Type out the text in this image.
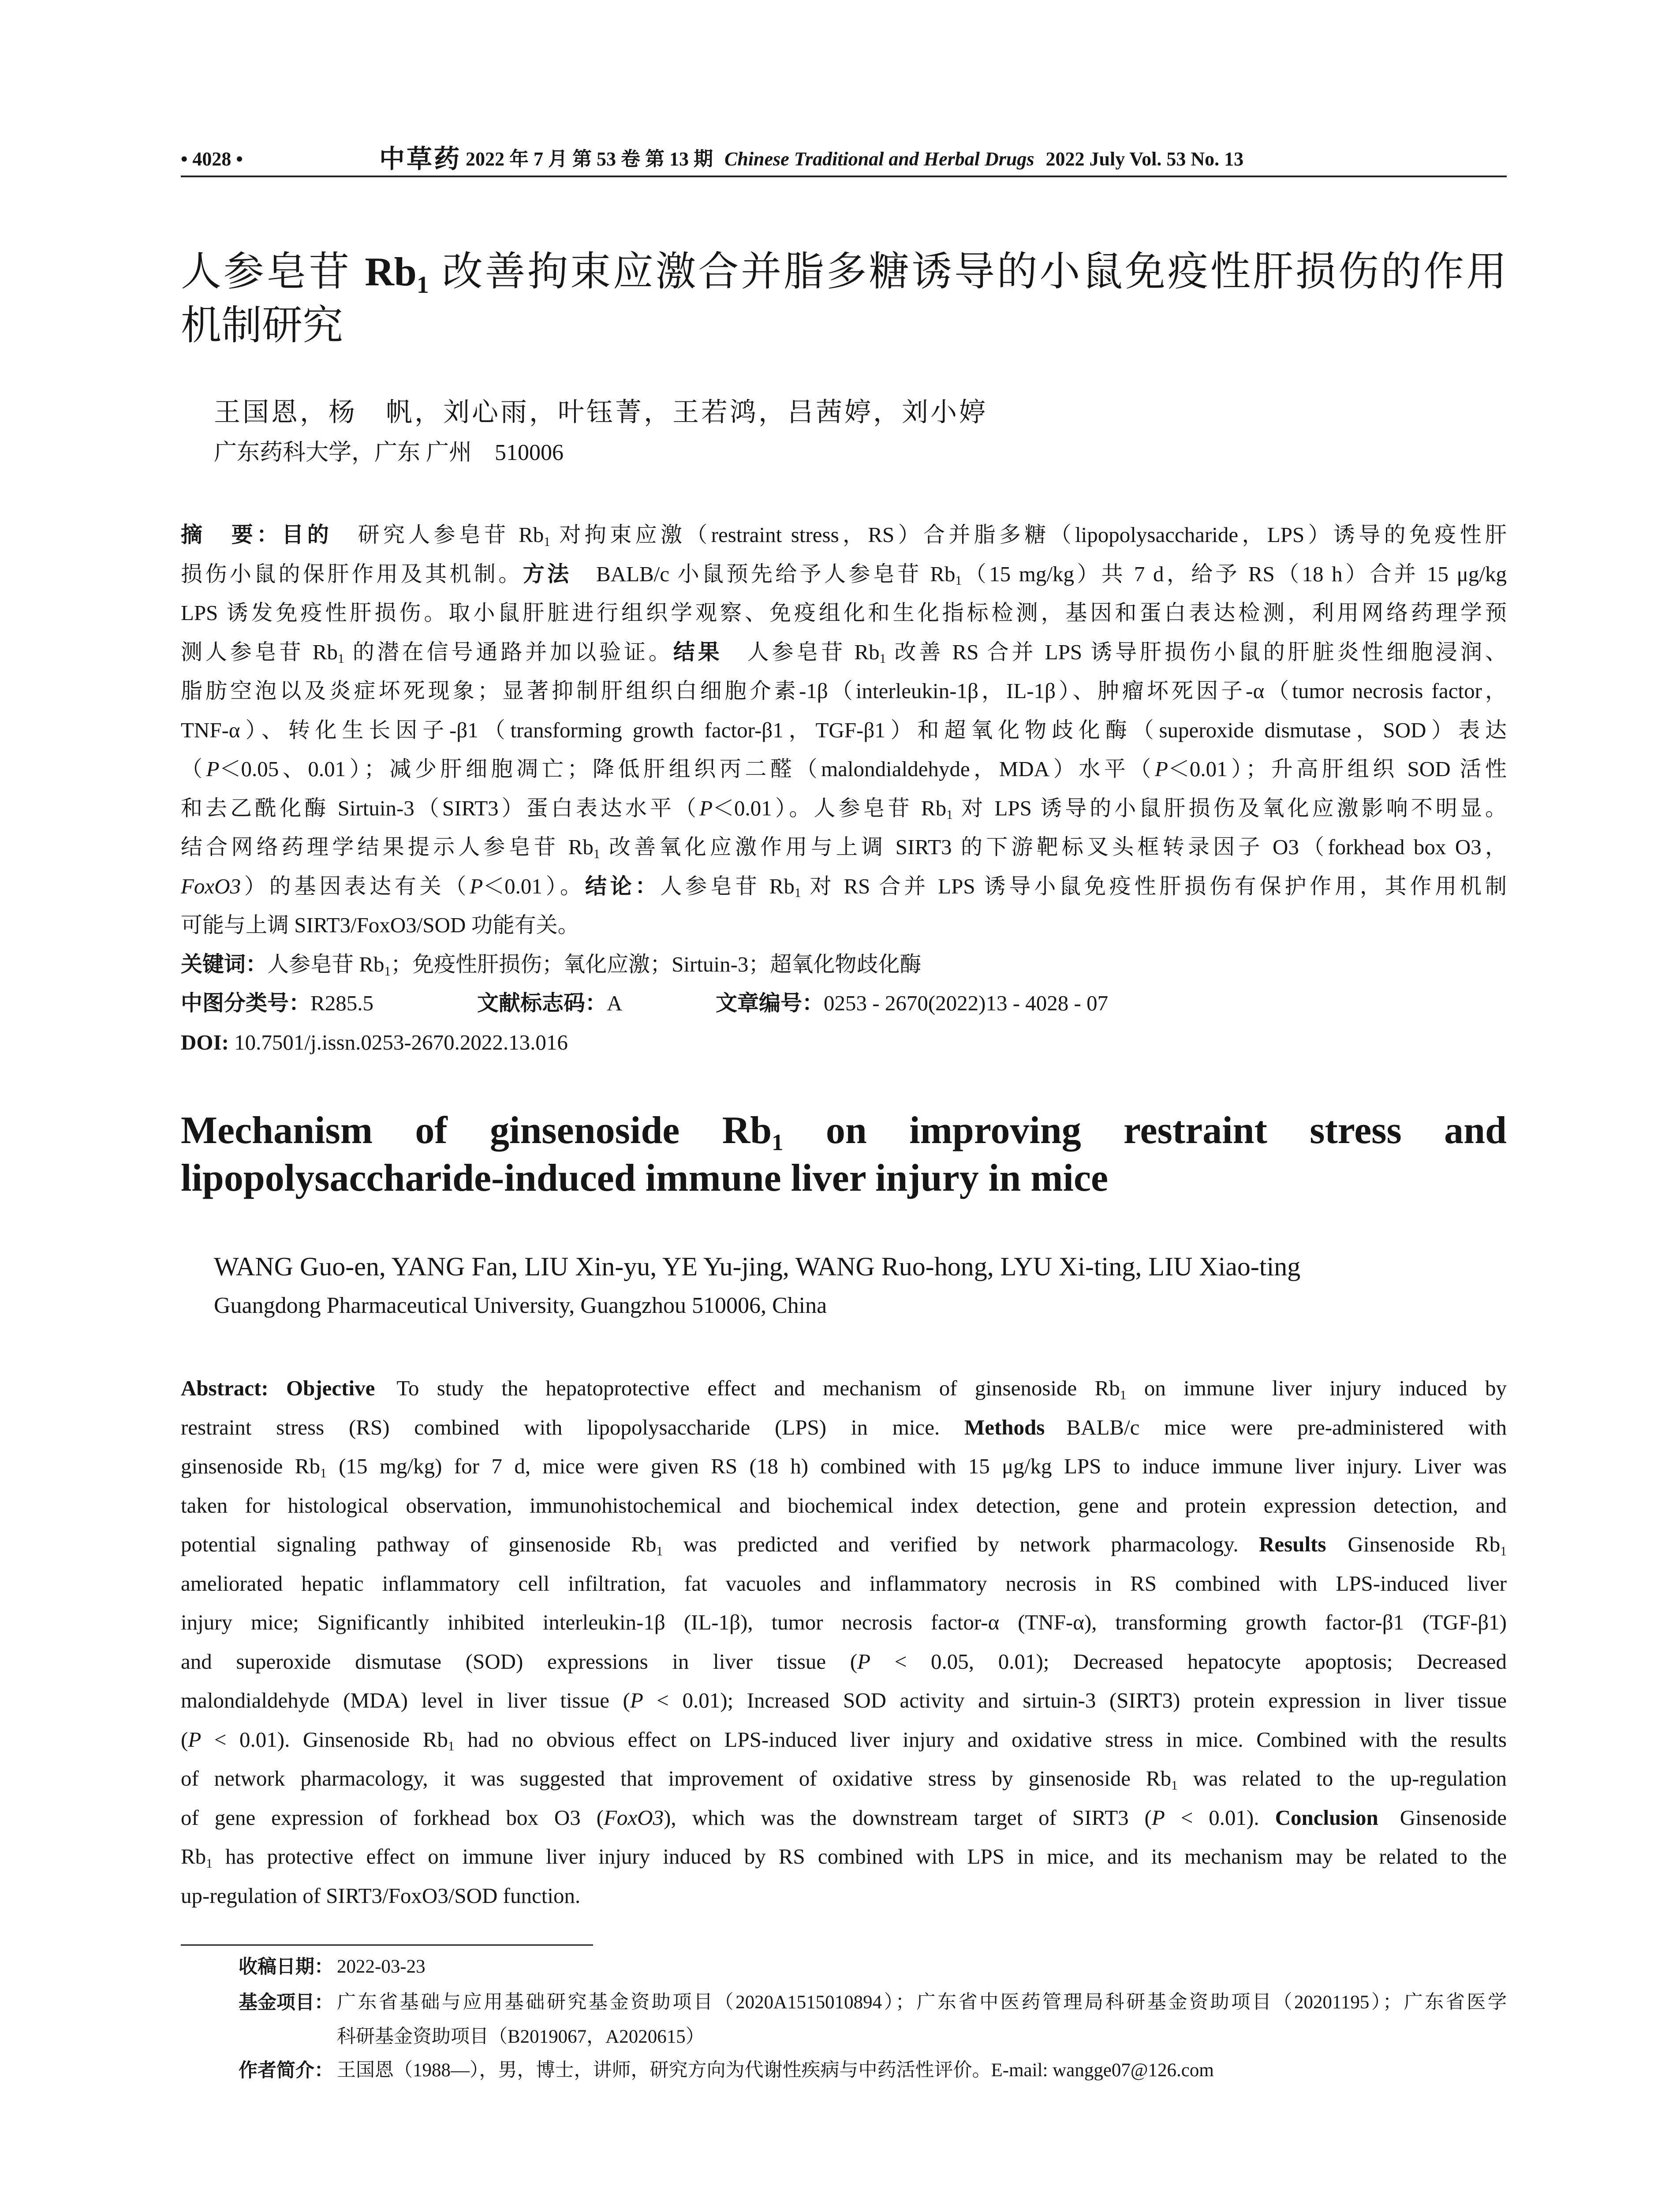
• 4028 •	中草药 2022 年 7 月 第 53 卷 第 13 期 Chinese Traditional and Herbal Drugs 2022 July Vol. 53 No. 13
人参皂苷 Rb1 改善拘束应激合并脂多糖诱导的小鼠免疫性肝损伤的作用
机制研究
王国恩，杨　帆，刘心雨，叶钰菁，王若鸿，吕茜婷，刘小婷
广东药科大学，广东 广州　510006
摘　要：目的　研究人参皂苷 Rb1 对拘束应激（restraint stress，RS）合并脂多糖（lipopolysaccharide，LPS）诱导的免疫性肝
损伤小鼠的保肝作用及其机制。方法　BALB/c 小鼠预先给予人参皂苷 Rb1（15 mg/kg）共 7 d，给予 RS（18 h）合并 15 μg/kg
LPS 诱发免疫性肝损伤。取小鼠肝脏进行组织学观察、免疫组化和生化指标检测，基因和蛋白表达检测，利用网络药理学预
测人参皂苷 Rb1 的潜在信号通路并加以验证。结果　人参皂苷 Rb1 改善 RS 合并 LPS 诱导肝损伤小鼠的肝脏炎性细胞浸润、
脂肪空泡以及炎症坏死现象；显著抑制肝组织白细胞介素-1β（interleukin-1β，IL-1β）、肿瘤坏死因子-α（tumor necrosis factor，
TNF-α）、转化生长因子-β1（transforming growth factor-β1，TGF-β1）和超氧化物歧化酶（superoxide dismutase，SOD）表达
（P＜0.05、0.01）；减少肝细胞凋亡；降低肝组织丙二醛（malondialdehyde，MDA）水平（P＜0.01）；升高肝组织 SOD 活性
和去乙酰化酶 Sirtuin-3（SIRT3）蛋白表达水平（P＜0.01）。人参皂苷 Rb1 对 LPS 诱导的小鼠肝损伤及氧化应激影响不明显。
结合网络药理学结果提示人参皂苷 Rb1 改善氧化应激作用与上调 SIRT3 的下游靶标叉头框转录因子 O3（forkhead box O3，
FoxO3）的基因表达有关（P＜0.01）。结论：人参皂苷 Rb1 对 RS 合并 LPS 诱导小鼠免疫性肝损伤有保护作用，其作用机制
可能与上调 SIRT3/FoxO3/SOD 功能有关。
关键词：人参皂苷 Rb1；免疫性肝损伤；氧化应激；Sirtuin-3；超氧化物歧化酶
中图分类号：R285.5	文献标志码：A	文章编号：0253 - 2670(2022)13 - 4028 - 07
DOI: 10.7501/j.issn.0253-2670.2022.13.016
Mechanism of ginsenoside Rb1 on improving restraint stress and
lipopolysaccharide-induced immune liver injury in mice
WANG Guo-en, YANG Fan, LIU Xin-yu, YE Yu-jing, WANG Ruo-hong, LYU Xi-ting, LIU Xiao-ting
Guangdong Pharmaceutical University, Guangzhou 510006, China
Abstract: Objective To study the hepatoprotective effect and mechanism of ginsenoside Rb1 on immune liver injury induced by
restraint stress (RS) combined with lipopolysaccharide (LPS) in mice. Methods BALB/c mice were pre-administered with
ginsenoside Rb1 (15 mg/kg) for 7 d, mice were given RS (18 h) combined with 15 μg/kg LPS to induce immune liver injury. Liver was
taken for histological observation, immunohistochemical and biochemical index detection, gene and protein expression detection, and
potential signaling pathway of ginsenoside Rb1 was predicted and verified by network pharmacology. Results Ginsenoside Rb1
ameliorated hepatic inflammatory cell infiltration, fat vacuoles and inflammatory necrosis in RS combined with LPS-induced liver
injury mice; Significantly inhibited interleukin-1β (IL-1β), tumor necrosis factor-α (TNF-α), transforming growth factor-β1 (TGF-β1)
and superoxide dismutase (SOD) expressions in liver tissue (P < 0.05, 0.01); Decreased hepatocyte apoptosis; Decreased
malondialdehyde (MDA) level in liver tissue (P < 0.01); Increased SOD activity and sirtuin-3 (SIRT3) protein expression in liver tissue
(P < 0.01). Ginsenoside Rb1 had no obvious effect on LPS-induced liver injury and oxidative stress in mice. Combined with the results
of network pharmacology, it was suggested that improvement of oxidative stress by ginsenoside Rb1 was related to the up-regulation
of gene expression of forkhead box O3 (FoxO3), which was the downstream target of SIRT3 (P < 0.01). Conclusion Ginsenoside
Rb1 has protective effect on immune liver injury induced by RS combined with LPS in mice, and its mechanism may be related to the
up-regulation of SIRT3/FoxO3/SOD function.
收稿日期： 2022-03-23
基金项目： 广东省基础与应用基础研究基金资助项目（2020A1515010894）；广东省中医药管理局科研基金资助项目（20201195）；广东省医学
科研基金资助项目（B2019067，A2020615）
作者简介： 王国恩（1988—），男，博士，讲师，研究方向为代谢性疾病与中药活性评价。E-mail: wangge07@126.com
